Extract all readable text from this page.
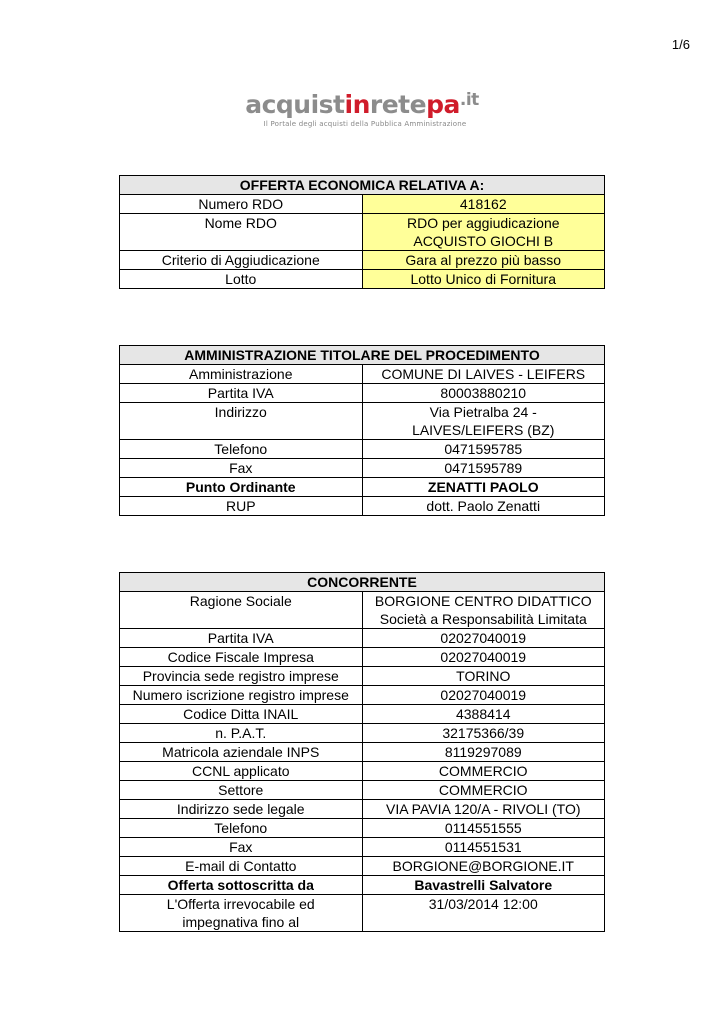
1/6
acquistinretepa$^{.it}$
Il Portale degli acquisti della Pubblica Amministrazione
OFFERTA ECONOMICA RELATIVA A:	
Numero RDO	418162
Nome RDO	RDO per aggiudicazione
ACQUISTO GIOCHI B

Criterio di Aggiudicazione	Gara al prezzo più basso
Lotto	Lotto Unico di Fornitura
AMMINISTRAZIONE TITOLARE DEL PROCEDIMENTO	
Amministrazione	COMUNE DI LAIVES - LEIFERS
Partita IVA	80003880210
Indirizzo	Via Pietralba 24 -
LAIVES/LEIFERS (BZ)

Telefono	0471595785
Fax	0471595789
Punto Ordinante	ZENATTI PAOLO
RUP	dott. Paolo Zenatti
CONCORRENTE	
Ragione Sociale	BORGIONE CENTRO DIDATTICO
Società a Responsabilità Limitata

Partita IVA	02027040019
Codice Fiscale Impresa	02027040019
Provincia sede registro imprese	TORINO
Numero iscrizione registro imprese	02027040019
Codice Ditta INAIL	4388414
n. P.A.T.	32175366/39
Matricola aziendale INPS	8119297089
CCNL applicato	COMMERCIO
Settore	COMMERCIO
Indirizzo sede legale	VIA PAVIA 120/A - RIVOLI (TO)
Telefono	0114551555
Fax	0114551531
E-mail di Contatto	BORGIONE@BORGIONE.IT
Offerta sottoscritta da	Bavastrelli Salvatore

L'Offerta irrevocabile ed
impegnativa fino al	31/03/2014 12:00
